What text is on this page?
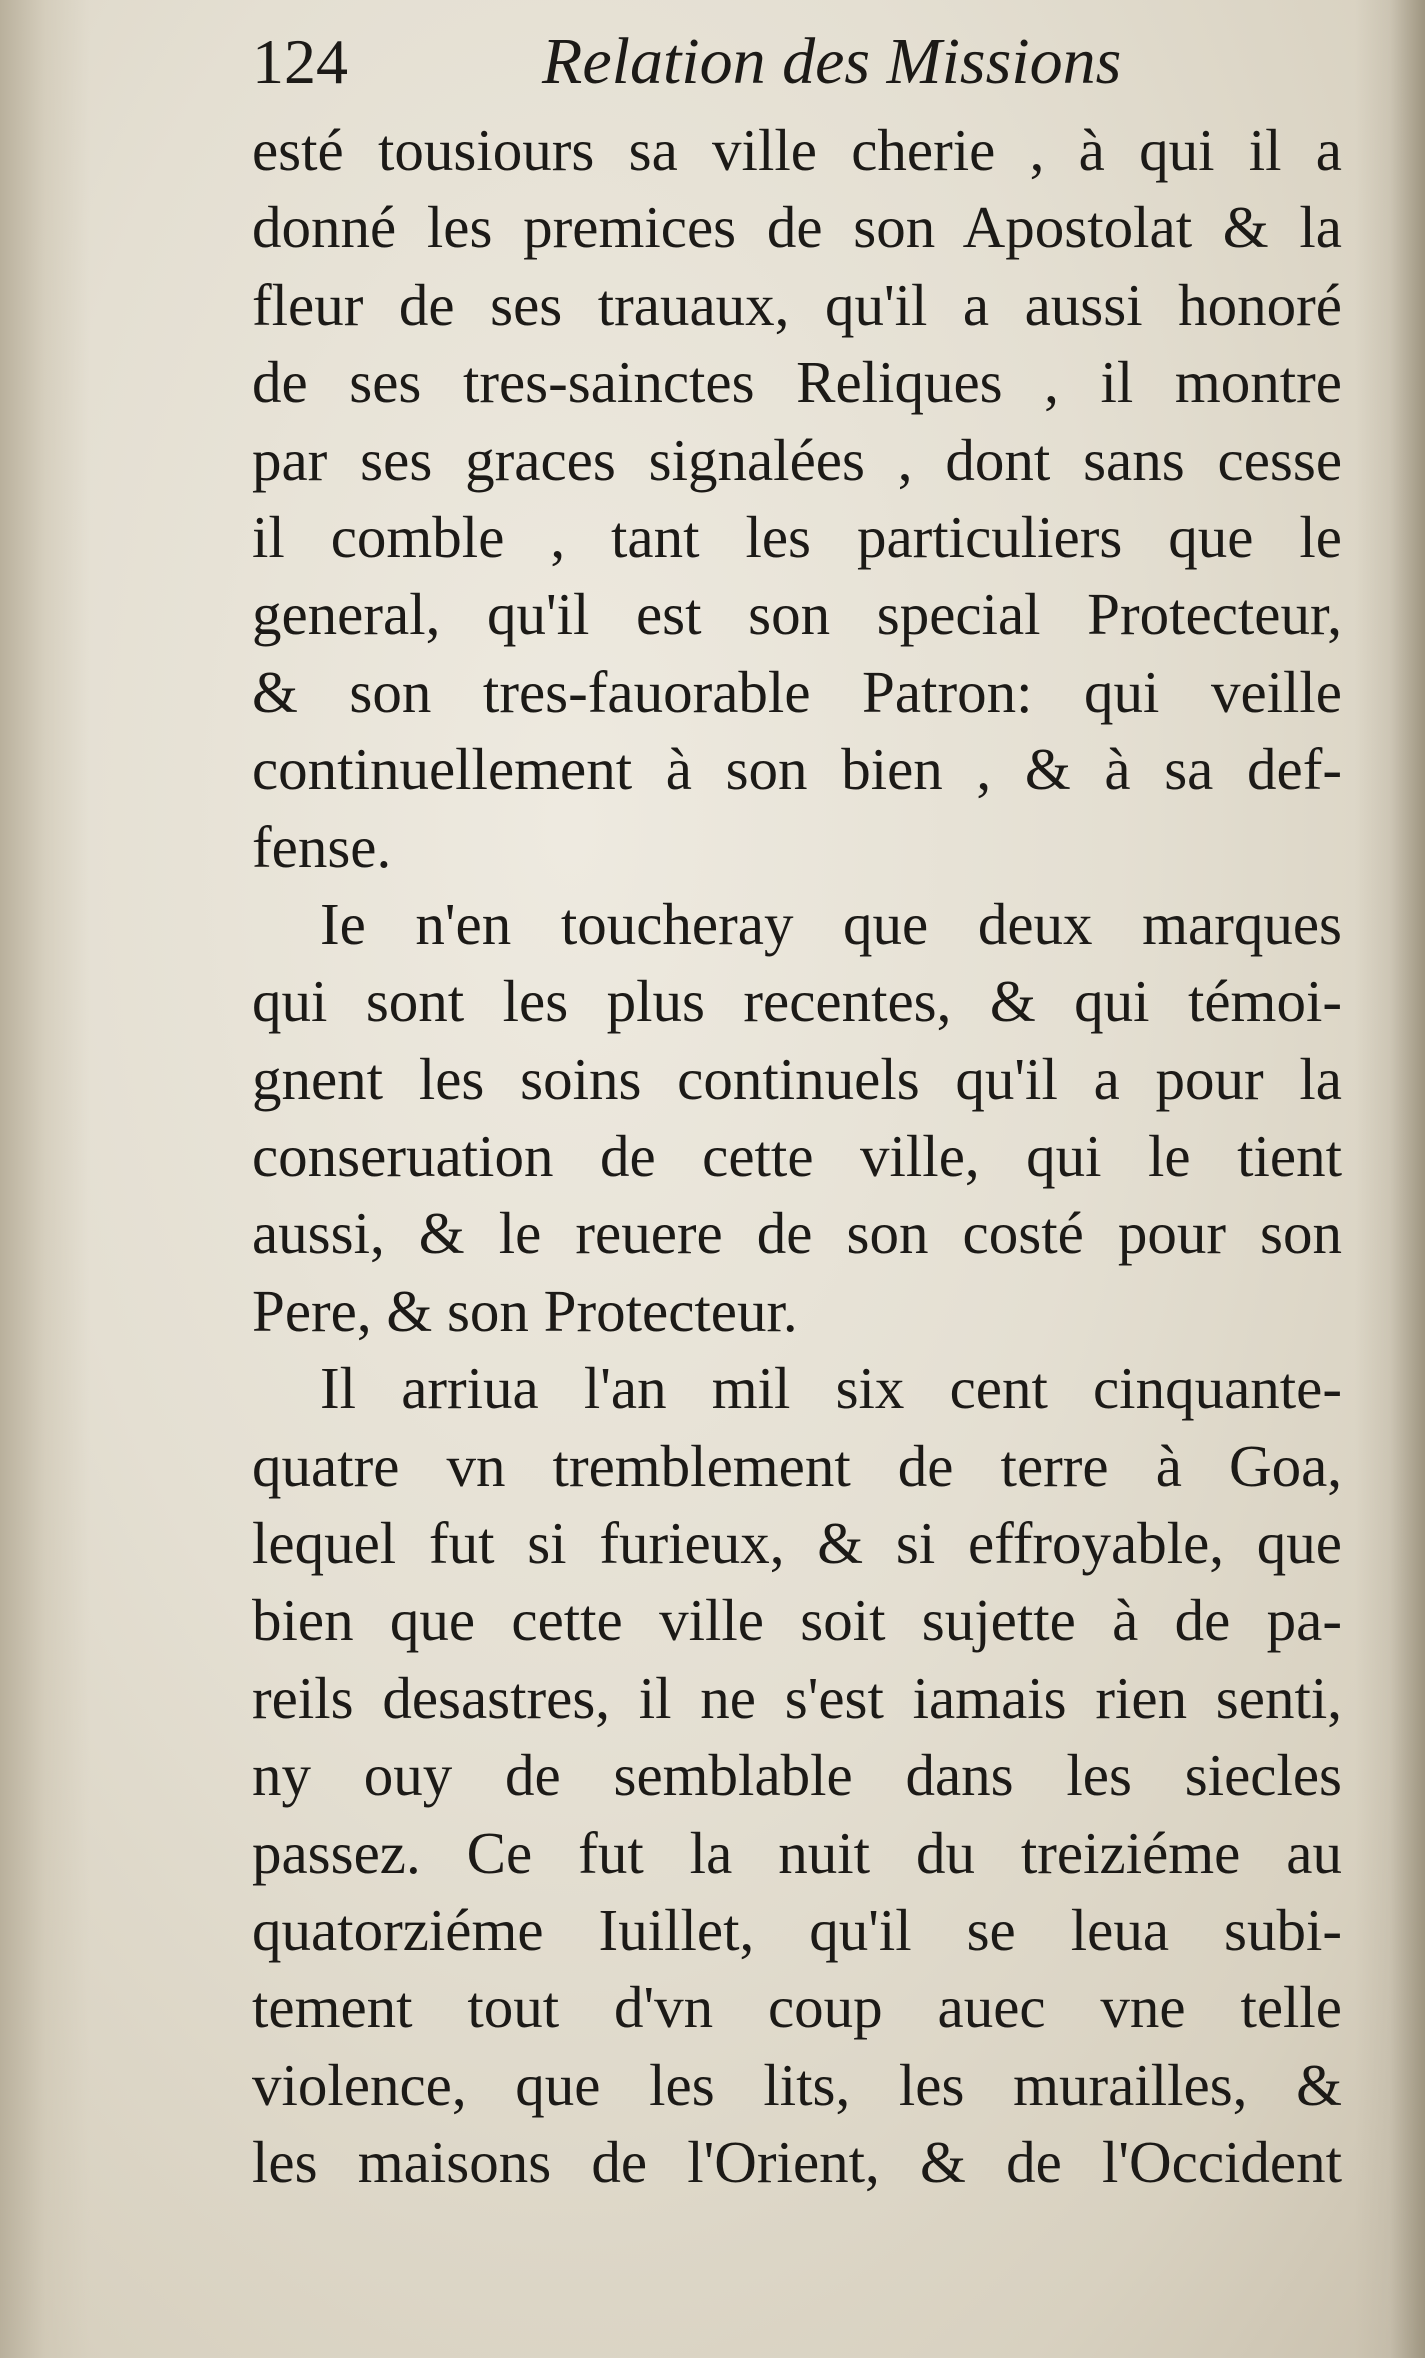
124	Relation des Missions
esté tousiours sa ville cherie , à qui il a
donné les premices de son Apostolat & la
fleur de ses trauaux, qu'il a aussi honoré
de ses tres-sainctes Reliques , il montre
par ses graces signalées , dont sans cesse
il comble , tant les particuliers que le
general, qu'il est son special Protecteur,
& son tres-fauorable Patron: qui veille
continuellement à son bien , & à sa def-
fense.
Ie n'en toucheray que deux marques
qui sont les plus recentes, & qui témoi-
gnent les soins continuels qu'il a pour la
conseruation de cette ville, qui le tient
aussi, & le reuere de son costé pour son
Pere, & son Protecteur.
Il arriua l'an mil six cent cinquante-
quatre vn tremblement de terre à Goa,
lequel fut si furieux, & si effroyable, que
bien que cette ville soit sujette à de pa-
reils desastres, il ne s'est iamais rien senti,
ny ouy de semblable dans les siecles
passez. Ce fut la nuit du treiziéme au
quatorziéme Iuillet, qu'il se leua subi-
tement tout d'vn coup auec vne telle
violence, que les lits, les murailles, &
les maisons de l'Orient, & de l'Occident
